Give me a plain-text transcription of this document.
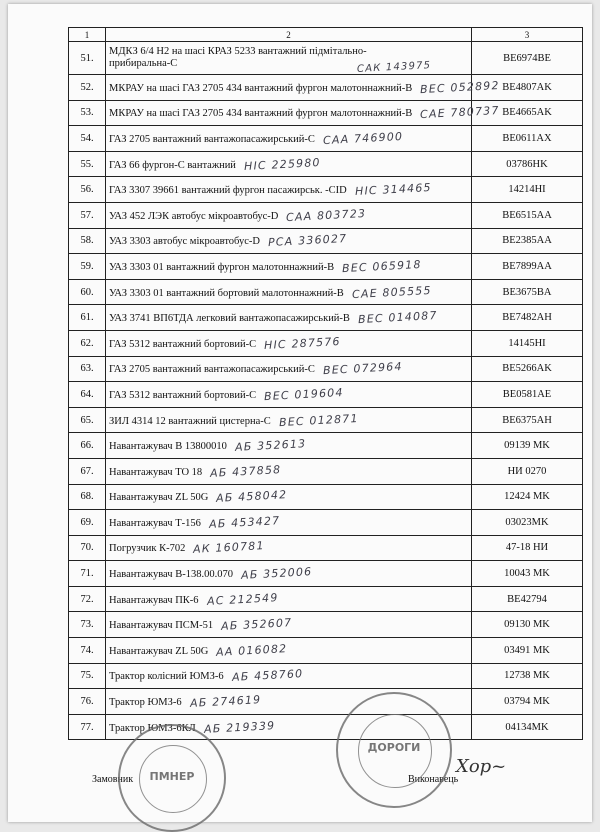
1	2	3
51.	МДКЗ 6/4 Н2 на шасі КРАЗ 5233 вантажний підмітально-
прибиральна-С САК 143975	BE6974BE
52.	МКРАУ на шасі ГАЗ 2705 434 вантажний фургон малотоннажний-В ВЕС 052892	BE4807AK
53.	МКРАУ на шасі ГАЗ 2705 434 вантажний фургон малотоннажний-В САЕ 780737	BE4665AK
54.	ГАЗ 2705 вантажний вантажопасажирський-С САА 746900	BE0611AX
55.	ГАЗ 66 фургон-С вантажний НІС 225980	03786HK
56.	ГАЗ 3307 39661 вантажний фургон пасажирськ. -СID НІС 314465	14214HI
57.	УАЗ 452 ЛЭК автобус мікроавтобус-D САА 803723	BE6515AA
58.	УАЗ 3303 автобус мікроавтобус-D РСА 336027	BE2385AA
59.	УАЗ 3303 01 вантажний фургон малотоннажний-В ВЕС 065918	BE7899AA
60.	УАЗ 3303 01 вантажний бортовий малотоннажний-В САЕ 805555	BE3675BA
61.	УАЗ 3741 ВП6ТДА легковий вантажопасажирський-В ВЕС 014087	BE7482AH
62.	ГАЗ 5312 вантажний бортовий-С НІС 287576	14145HI
63.	ГАЗ 2705 вантажний вантажопасажирський-С ВЕС 072964	BE5266AK
64.	ГАЗ 5312 вантажний бортовий-С ВЕС 019604	BE0581AE
65.	ЗИЛ 4314 12 вантажний цистерна-С ВЕС 012871	BE6375AH
66.	Навантажувач В 13800010 АБ 352613	09139 MK
67.	Навантажувач ТО 18 АБ 437858	НИ 0270
68.	Навантажувач ZL 50G АБ 458042	12424 MK
69.	Навантажувач Т-156 АБ 453427	03023MK
70.	Погрузчик К-702 АК 160781	47-18 НИ
71.	Навантажувач В-138.00.070 АБ 352006	10043 MK
72.	Навантажувач ПК-6 АС 212549	BE42794
73.	Навантажувач ПСМ-51 АБ 352607	09130 MK
74.	Навантажувач ZL 50G АА 016082	03491 MK
75.	Трактор колісний ЮМЗ-6 АБ 458760	12738 MK
76.	Трактор ЮМЗ-6 АБ 274619	03794 MK
77.	Трактор ЮМЗ-6КЛ АБ 219339	04134MK
Замовник	Виконавець
ПМНЕР
ДОРОГИ
Хор~
